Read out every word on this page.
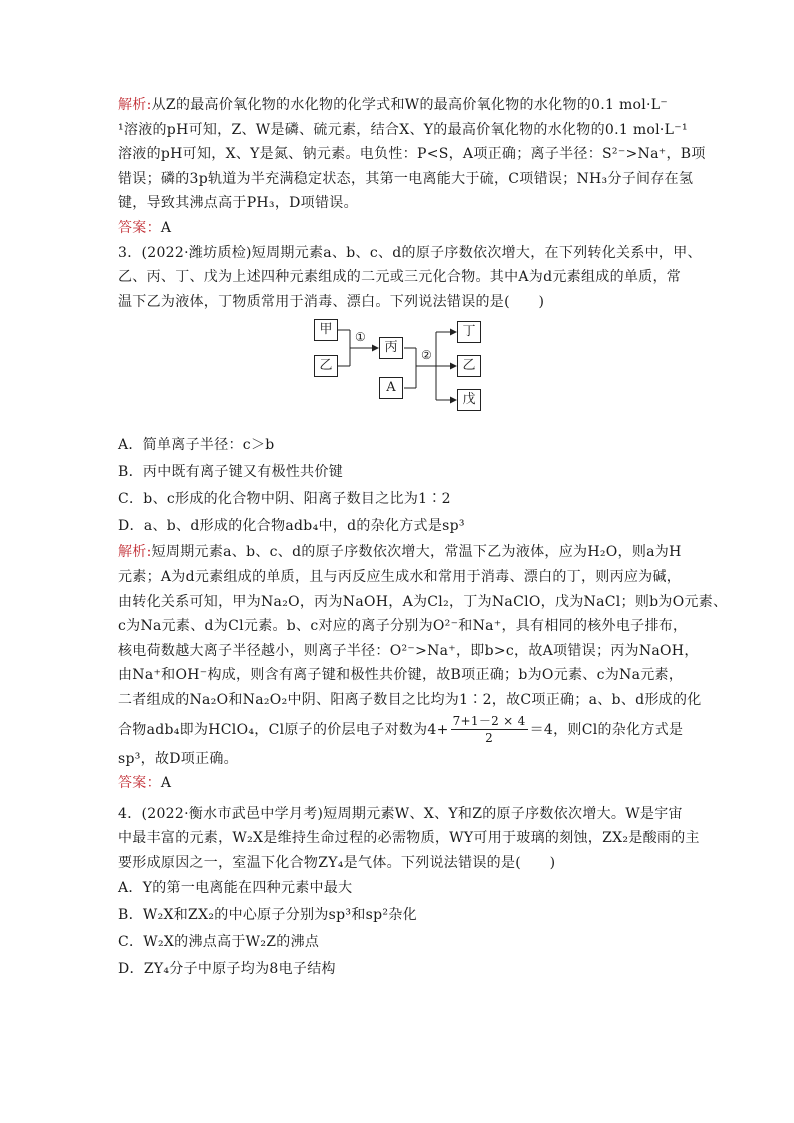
解析:从Z的最高价氧化物的水化物的化学式和W的最高价氧化物的水化物的0.1 mol·L⁻
¹溶液的pH可知，Z、W是磷、硫元素，结合X、Y的最高价氧化物的水化物的0.1 mol·L⁻¹
溶液的pH可知，X、Y是氮、钠元素。电负性：P<S，A项正确；离子半径：S²⁻>Na⁺，B项
错误；磷的3p轨道为半充满稳定状态，其第一电离能大于硫，C项错误；NH₃分子间存在氢
键，导致其沸点高于PH₃，D项错误。
答案：A
3．(2022·潍坊质检)短周期元素a、b、c、d的原子序数依次增大，在下列转化关系中，甲、
乙、丙、丁、戊为上述四种元素组成的二元或三元化合物。其中A为d元素组成的单质，常
温下乙为液体，丁物质常用于消毒、漂白。下列说法错误的是(　　)
甲
乙
①
丙
A
②
丁
乙
戊
A．简单离子半径：c＞b
B．丙中既有离子键又有极性共价键
C．b、c形成的化合物中阴、阳离子数目之比为1∶2
D．a、b、d形成的化合物adb₄中，d的杂化方式是sp³
解析:短周期元素a、b、c、d的原子序数依次增大，常温下乙为液体，应为H₂O，则a为H
元素；A为d元素组成的单质，且与丙反应生成水和常用于消毒、漂白的丁，则丙应为碱，
由转化关系可知，甲为Na₂O，丙为NaOH，A为Cl₂，丁为NaClO，戊为NaCl；则b为O元素、
c为Na元素、d为Cl元素。b、c对应的离子分别为O²⁻和Na⁺，具有相同的核外电子排布，
核电荷数越大离子半径越小，则离子半径：O²⁻>Na⁺，即b>c，故A项错误；丙为NaOH，
由Na⁺和OH⁻构成，则含有离子键和极性共价键，故B项正确；b为O元素、c为Na元素，
二者组成的Na₂O和Na₂O₂中阴、阳离子数目之比均为1∶2，故C项正确；a、b、d形成的化
合物adb₄即为HClO₄，Cl原子的价层电子对数为$4+ \frac{7+1-2 \times 4}{2} =4$，则Cl的杂化方式是
sp³，故D项正确。
答案：A
4．(2022·衡水市武邑中学月考)短周期元素W、X、Y和Z的原子序数依次增大。W是宇宙
中最丰富的元素，W₂X是维持生命过程的必需物质，WY可用于玻璃的刻蚀，ZX₂是酸雨的主
要形成原因之一，室温下化合物ZY₄是气体。下列说法错误的是(　　)
A．Y的第一电离能在四种元素中最大
B．W₂X和ZX₂的中心原子分别为sp³和sp²杂化
C．W₂X的沸点高于W₂Z的沸点
D．ZY₄分子中原子均为8电子结构
